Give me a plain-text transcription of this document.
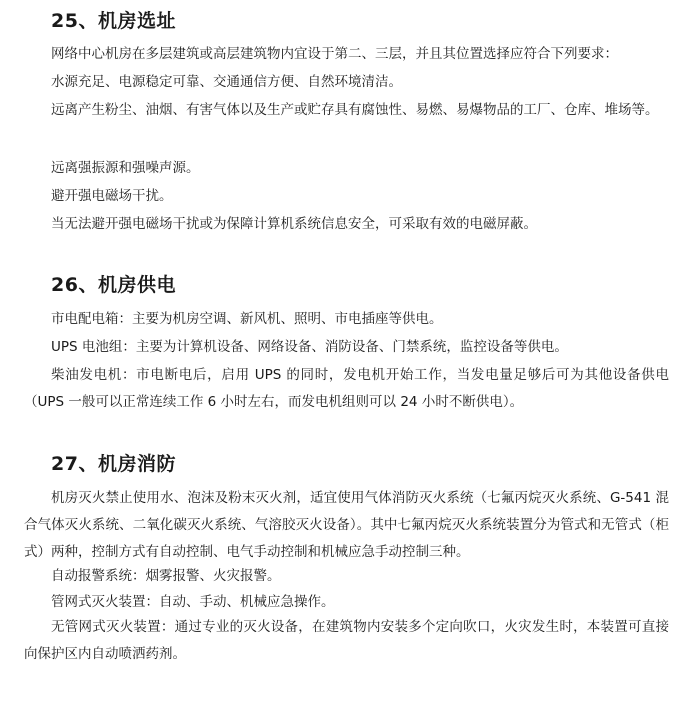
25、机房选址

网络中心机房在多层建筑或高层建筑物内宜设于第二、三层，并且其位置选择应符合下列要求：

水源充足、电源稳定可靠、交通通信方便、自然环境清洁。

远离产生粉尘、油烟、有害气体以及生产或贮存具有腐蚀性、易燃、易爆物品的工厂、仓库、堆场等。

远离强振源和强噪声源。

避开强电磁场干扰。

当无法避开强电磁场干扰或为保障计算机系统信息安全，可采取有效的电磁屏蔽。

26、机房供电

市电配电箱：主要为机房空调、新风机、照明、市电插座等供电。

UPS 电池组：主要为计算机设备、网络设备、消防设备、门禁系统，监控设备等供电。

柴油发电机：市电断电后，启用 UPS 的同时，发电机开始工作，当发电量足够后可为其他设备供电（UPS 一般可以正常连续工作 6 小时左右，而发电机组则可以 24 小时不断供电）。

27、机房消防

机房灭火禁止使用水、泡沫及粉末灭火剂，适宜使用气体消防灭火系统（七氟丙烷灭火系统、G-541 混合气体灭火系统、二氧化碳灭火系统、气溶胶灭火设备）。其中七氟丙烷灭火系统装置分为管式和无管式（柜式）两种，控制方式有自动控制、电气手动控制和机械应急手动控制三种。

自动报警系统：烟雾报警、火灾报警。

管网式灭火装置：自动、手动、机械应急操作。

无管网式灭火装置：通过专业的灭火设备，在建筑物内安装多个定向吹口，火灾发生时，本装置可直接向保护区内自动喷洒药剂。
